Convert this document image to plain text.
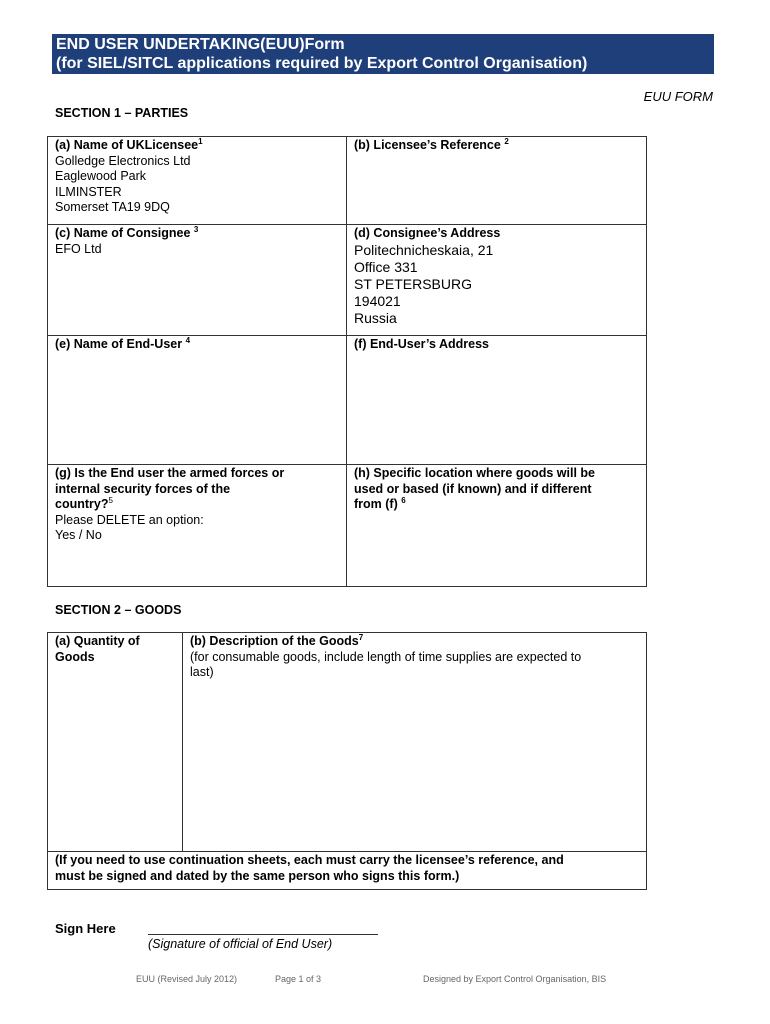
END USER UNDERTAKING(EUU)Form
(for SIEL/SITCL applications required by Export Control Organisation)
EUU FORM
SECTION 1 – PARTIES
(a) Name of UKLicensee$^1$
Golledge Electronics Ltd
Eaglewood Park
ILMINSTER
Somerset TA19 9DQ
(b) Licensee’s Reference $^2$
(c) Name of Consignee $^3$
EFO Ltd
(d) Consignee’s Address
Politechnicheskaia, 21
Office 331
ST PETERSBURG
194021
Russia
(e) Name of End-User $^4$	(f) End-User’s Address
(g) Is the End user the armed forces or
internal security forces of the
country?$^5$
Please DELETE an option:
Yes / No
(h) Specific location where goods will be
used or based (if known) and if different
from (f) $^6$
SECTION 2 – GOODS
(a) Quantity of
Goods
(b) Description of the Goods$^7$
(for consumable goods, include length of time supplies are expected to
last)
(If you need to use continuation sheets, each must carry the licensee’s reference, and
must be signed and dated by the same person who signs this form.)
Sign Here
(Signature of official of End User)
EUU (Revised July 2012)	Page 1 of 3	Designed by Export Control Organisation, BIS
